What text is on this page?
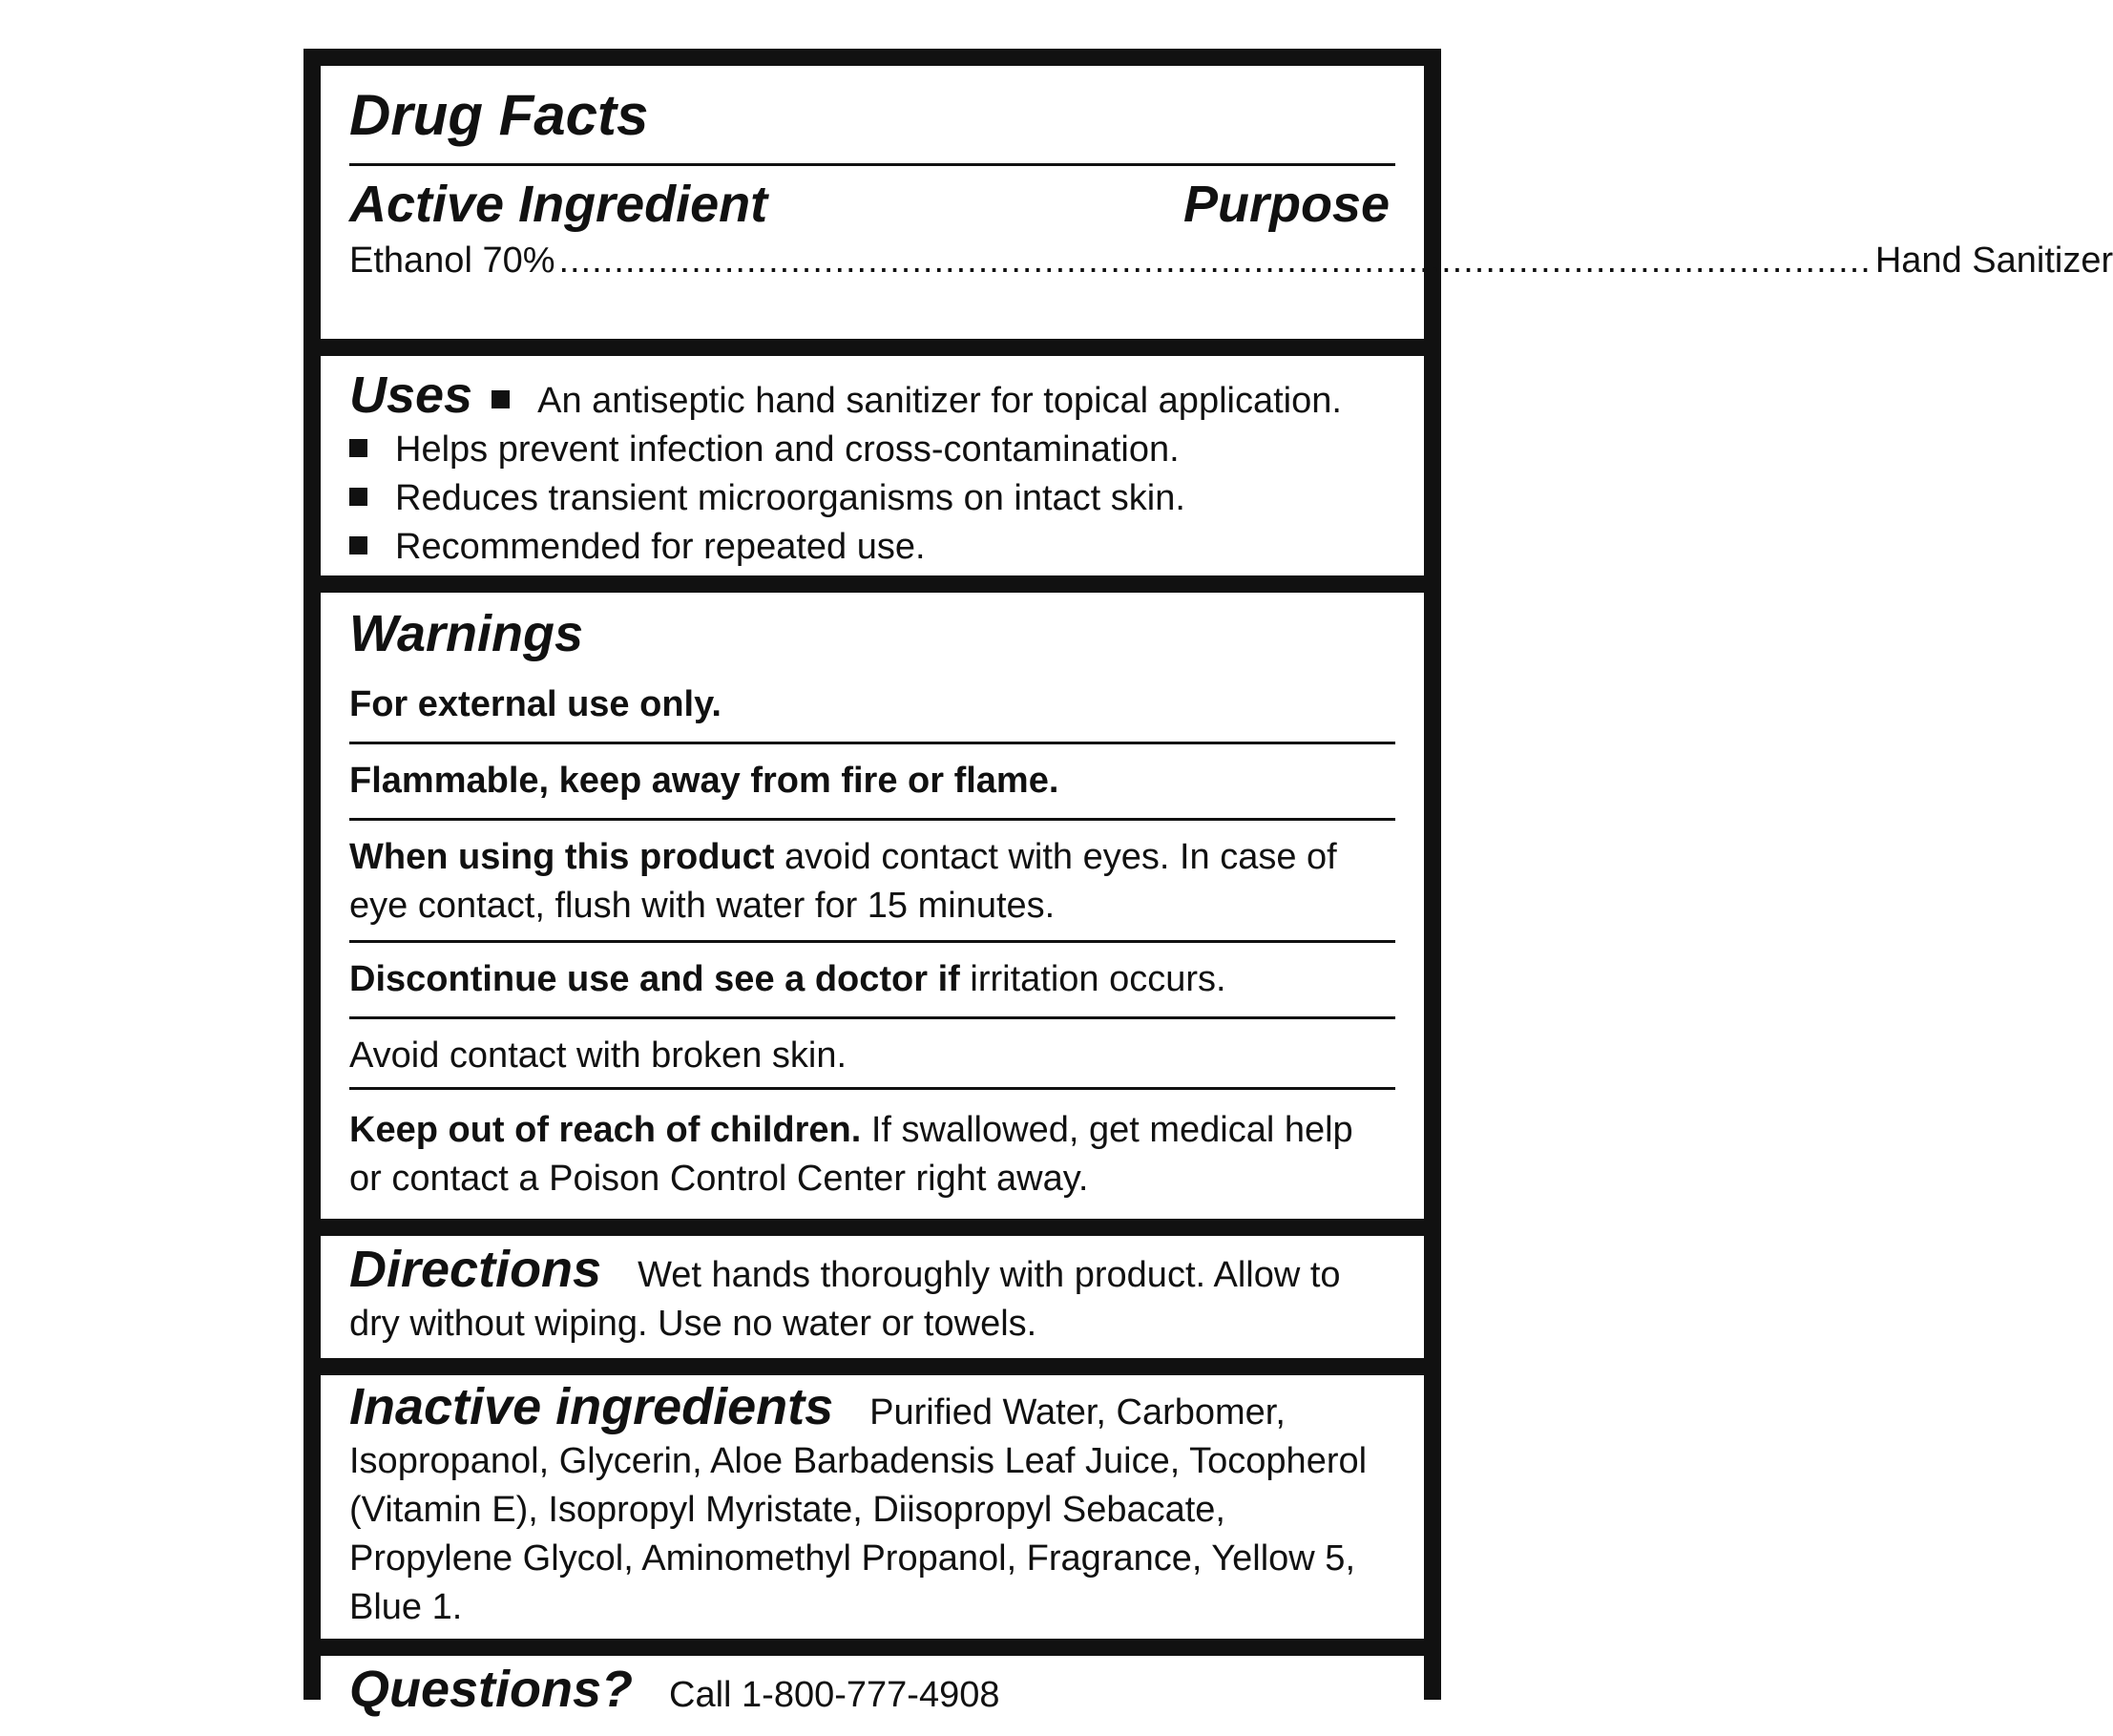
Drug Facts
Active Ingredient	Purpose
Ethanol 70% ....................................................................................................................... Hand Sanitizer
Uses An antiseptic hand sanitizer for topical application.
Helps prevent infection and cross-contamination.
Reduces transient microorganisms on intact skin.
Recommended for repeated use.
Warnings
For external use only.
Flammable, keep away from fire or flame.
When using this product avoid contact with eyes. In case of eye contact, flush with water for 15 minutes.
Discontinue use and see a doctor if irritation occurs.
Avoid contact with broken skin.
Keep out of reach of children. If swallowed, get medical help or contact a Poison Control Center right away.
Directions Wet hands thoroughly with product. Allow to dry without wiping. Use no water or towels.
Inactive ingredients Purified Water, Carbomer, Isopropanol, Glycerin, Aloe Barbadensis Leaf Juice, Tocopherol (Vitamin E), Isopropyl Myristate, Diisopropyl Sebacate, Propylene Glycol, Aminomethyl Propanol, Fragrance, Yellow 5, Blue 1.
Questions? Call 1-800-777-4908
